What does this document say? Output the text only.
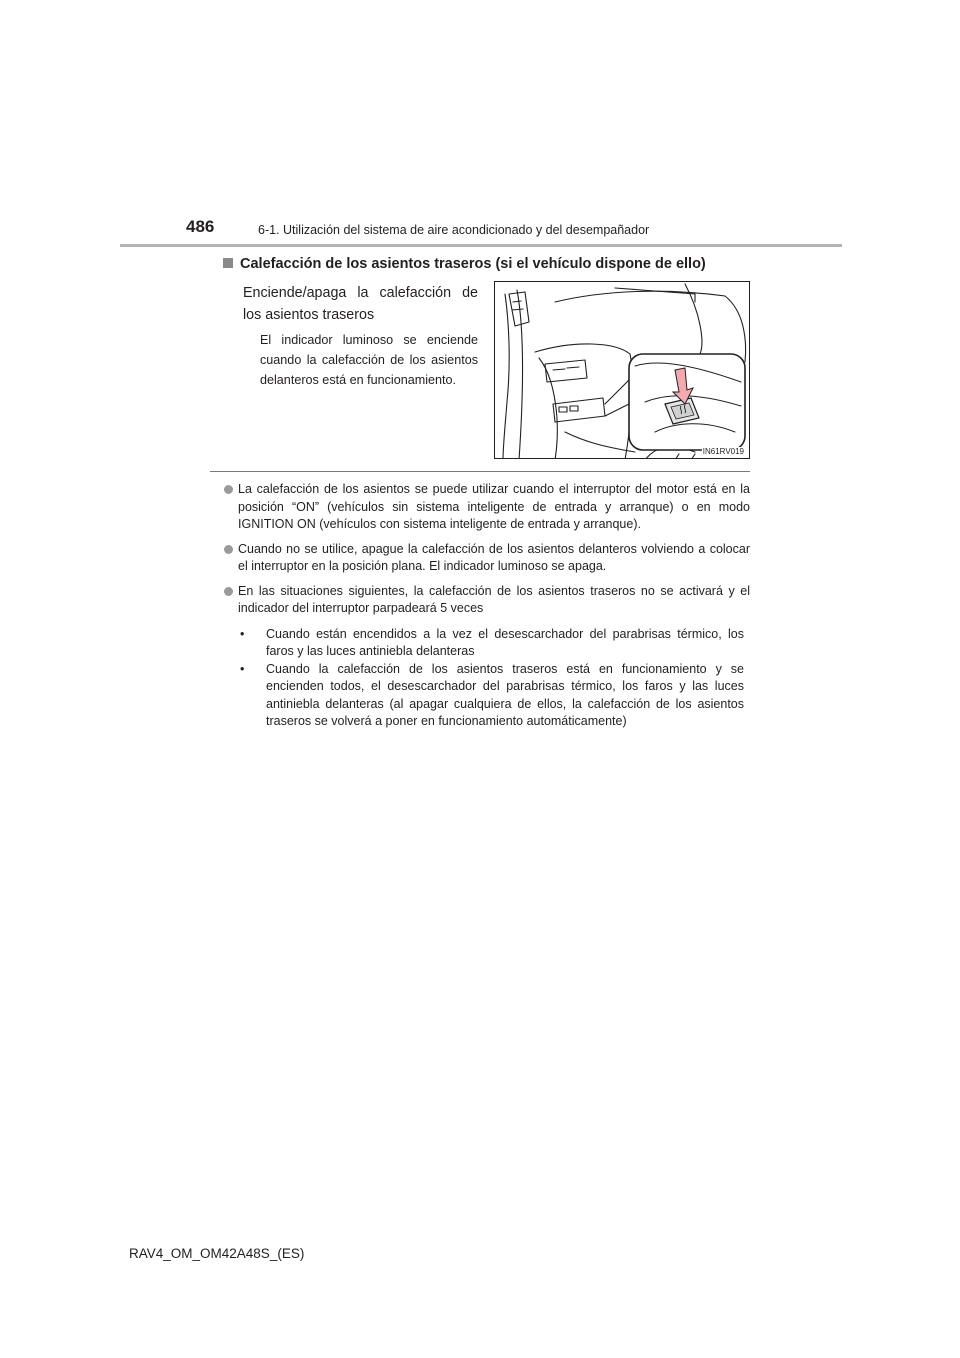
486	6-1. Utilización del sistema de aire acondicionado y del desempañador
Calefacción de los asientos traseros (si el vehículo dispone de ello)
Enciende/apaga la calefacción de los asientos traseros
El indicador luminoso se enciende cuando la calefacción de los asientos delanteros está en funcionamiento.
IN61RV019
La calefacción de los asientos se puede utilizar cuando el interruptor del motor está en la posición “ON” (vehículos sin sistema inteligente de entrada y arranque) o en modo IGNITION ON (vehículos con sistema inteligente de entrada y arranque).
Cuando no se utilice, apague la calefacción de los asientos delanteros volviendo a colocar el interruptor en la posición plana. El indicador luminoso se apaga.
En las situaciones siguientes, la calefacción de los asientos traseros no se activará y el indicador del interruptor parpadeará 5 veces
• Cuando están encendidos a la vez el desescarchador del parabrisas térmico, los faros y las luces antiniebla delanteras
• Cuando la calefacción de los asientos traseros está en funcionamiento y se encienden todos, el desescarchador del parabrisas térmico, los faros y las luces antiniebla delanteras (al apagar cualquiera de ellos, la calefacción de los asientos traseros se volverá a poner en funcionamiento automáticamente)
RAV4_OM_OM42A48S_(ES)
